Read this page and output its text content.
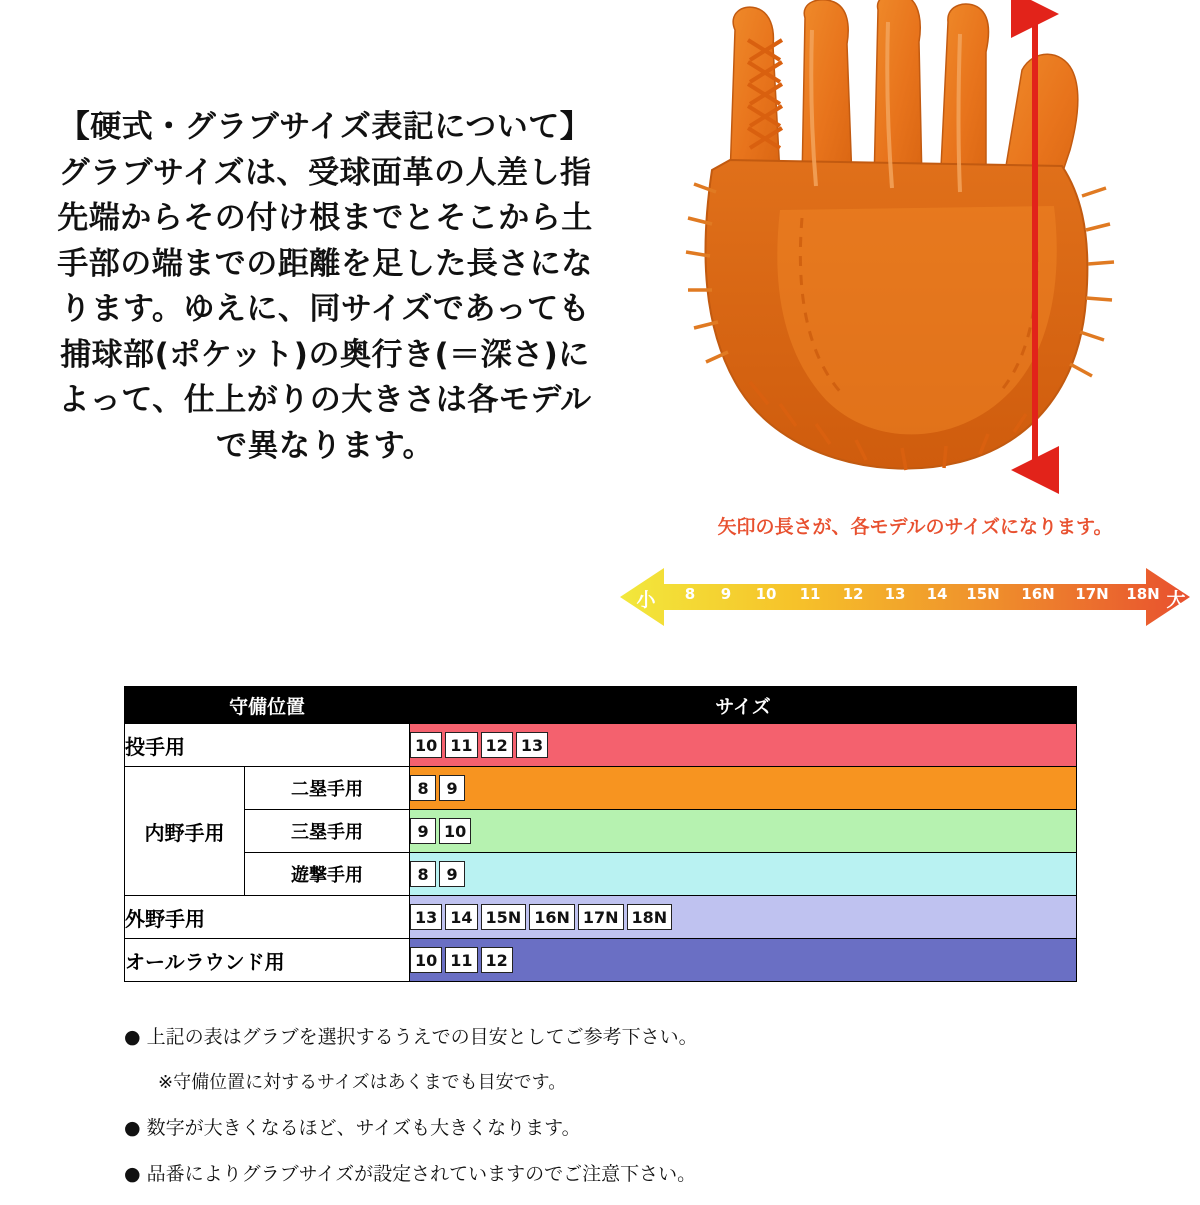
【硬式・グラブサイズ表記について】

グラブサイズは、受球面革の人差し指

先端からその付け根までとそこから土

手部の端までの距離を足した長さにな

ります。ゆえに、同サイズであっても

捕球部(ポケット)の奥行き(＝深さ)に

よって、仕上がりの大きさは各モデル

で異なります。

矢印の長さが、各モデルのサイズになります。
小 8 9 10 11 12 13 14 15N 16N 17N 18N 大
守備位置		サイズ
投手用		10 11 12 13

内野手用	二塁手用	8 9

	三塁手用	9 10

	遊撃手用	8 9

外野手用	13 14 15N 16N 17N 18N

オールラウンド用		10 11 12

● 上記の表はグラブを選択するうえでの目安としてご参考下さい。

※守備位置に対するサイズはあくまでも目安です。

● 数字が大きくなるほど、サイズも大きくなります。

● 品番によりグラブサイズが設定されていますのでご注意下さい。
